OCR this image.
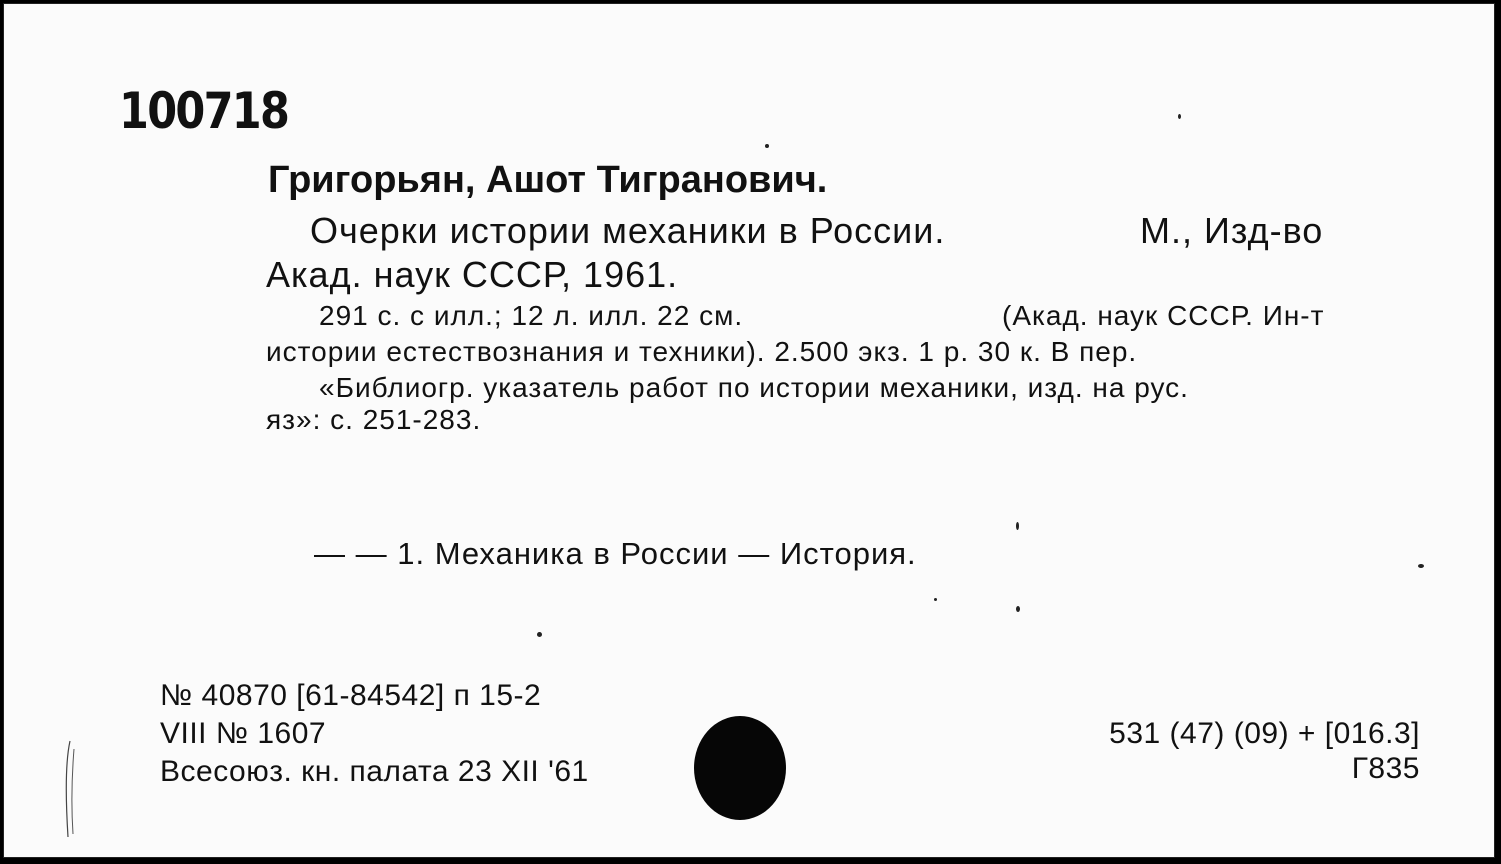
100718
Григорьян, Ашот Тигранович.
Очерки истории механики в России.	М., Изд-во
Акад. наук СССР, 1961.
291 с. с илл.; 12 л. илл. 22 см.	(Акад. наук СССР. Ин-т
истории естествознания и техники). 2.500 экз. 1 р. 30 к. В пер.
«Библиогр. указатель работ по истории механики, изд. на рус.
яз»: с. 251-283.
— — 1. Механика в России — История.
№ 40870 [61-84542] п 15-2
VIII № 1607
Всесоюз. кн. палата 23 XII '61
531 (47) (09) + [016.3]
Г835
